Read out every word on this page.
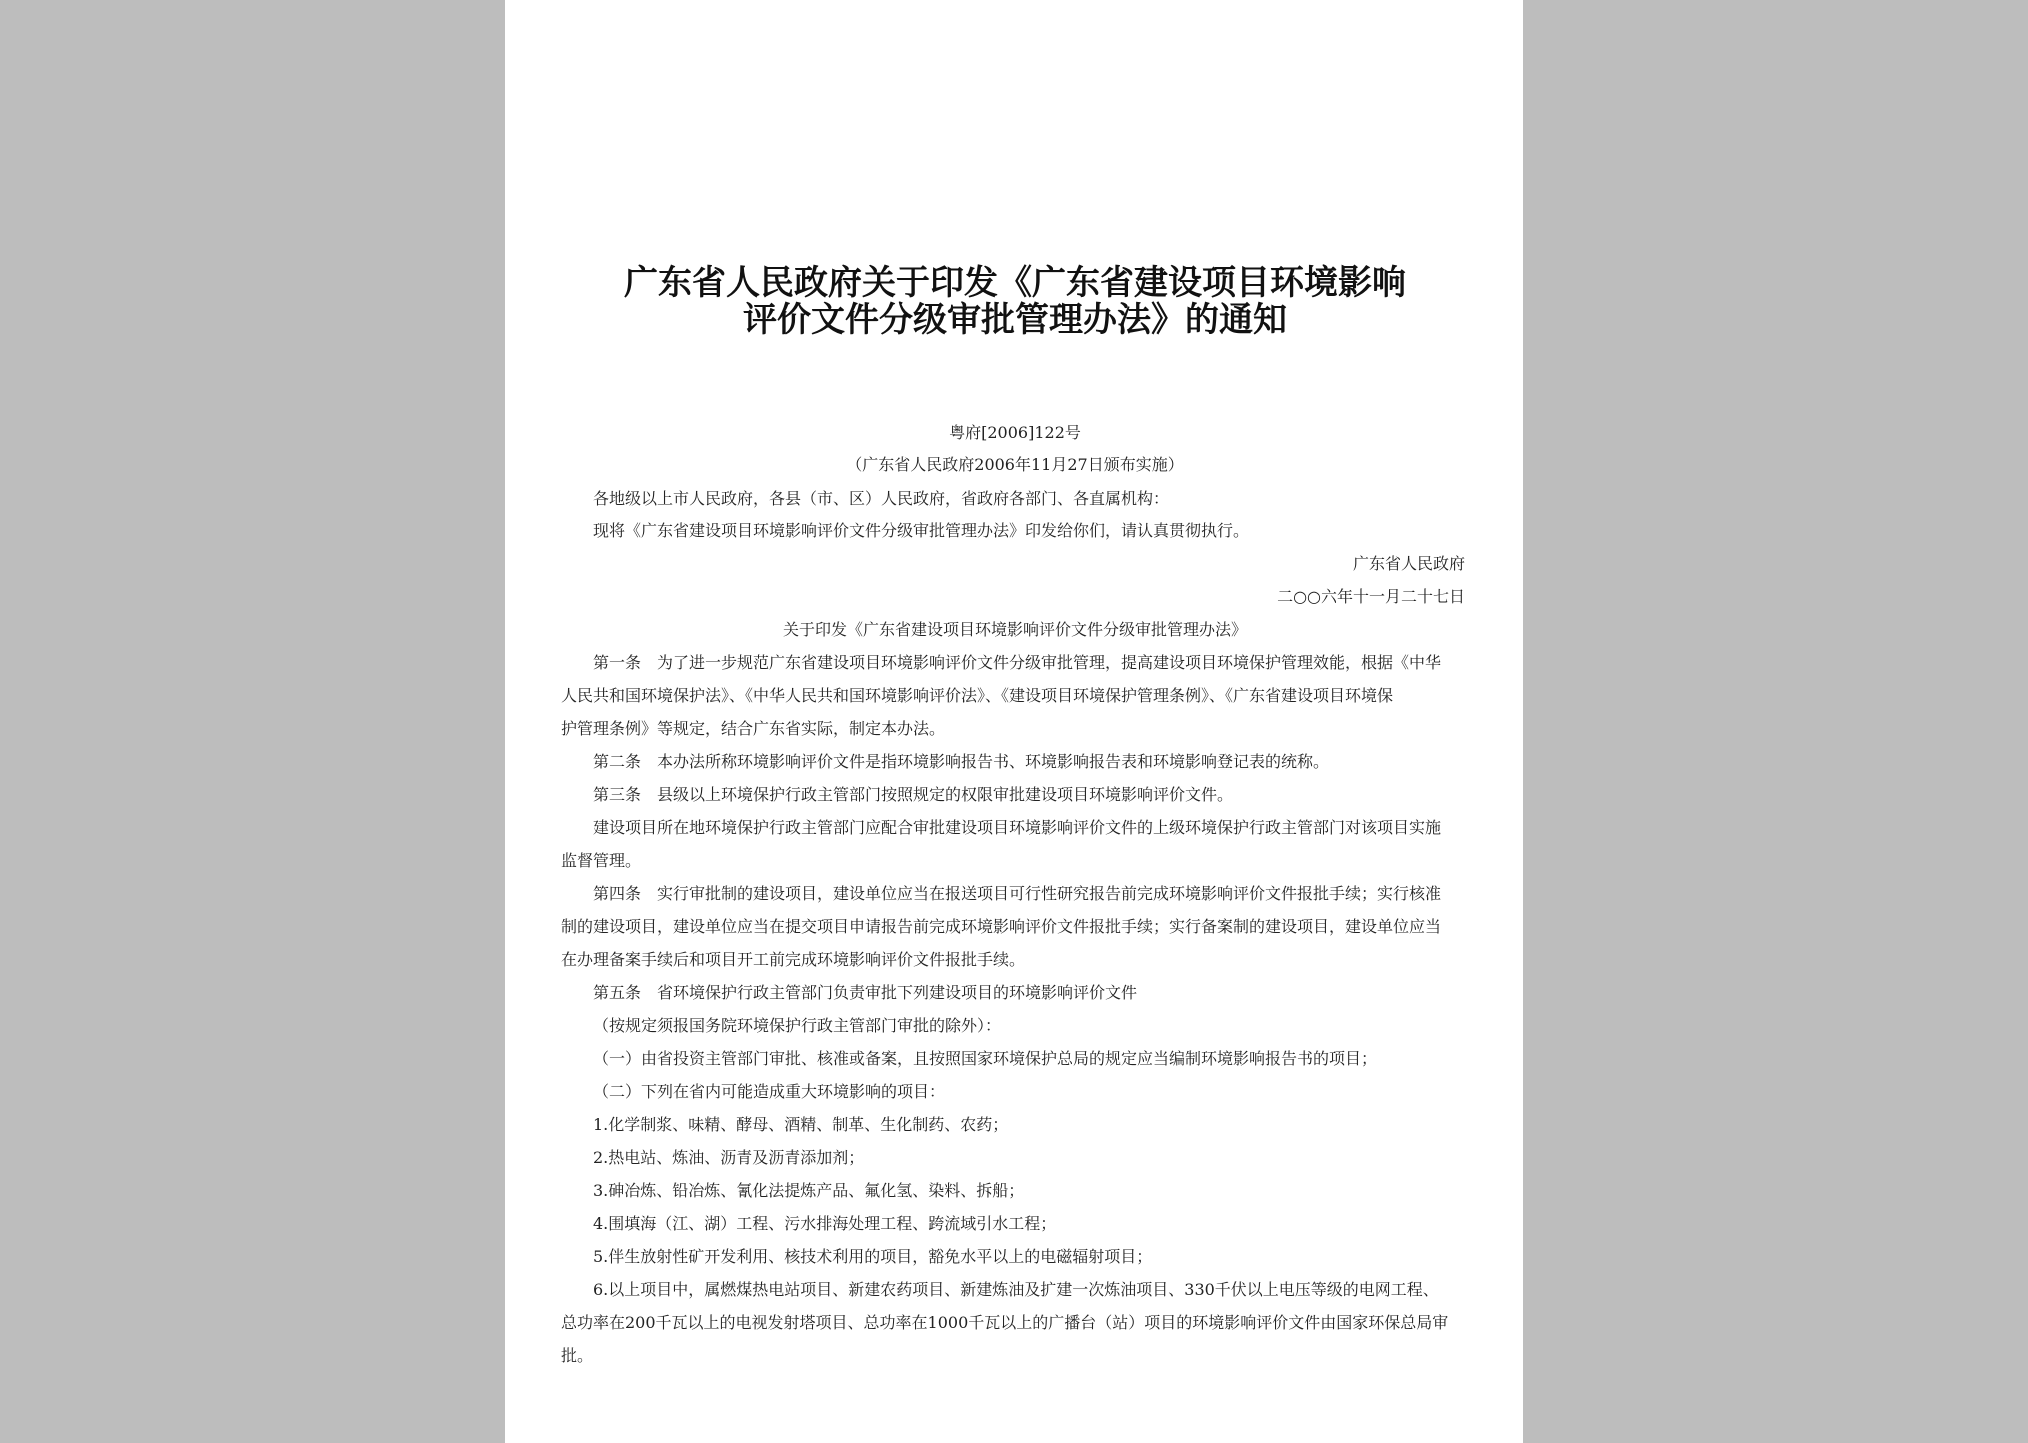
广东省人民政府关于印发《广东省建设项目环境影响
评价文件分级审批管理办法》的通知
粤府[2006]122号
（广东省人民政府2006年11月27日颁布实施）
各地级以上市人民政府，各县（市、区）人民政府，省政府各部门、各直属机构：
现将《广东省建设项目环境影响评价文件分级审批管理办法》印发给你们，请认真贯彻执行。
广东省人民政府
二○○六年十一月二十七日
关于印发《广东省建设项目环境影响评价文件分级审批管理办法》
第一条　为了进一步规范广东省建设项目环境影响评价文件分级审批管理，提高建设项目环境保护管理效能，根据《中华
人民共和国环境保护法》、《中华人民共和国环境影响评价法》、《建设项目环境保护管理条例》、《广东省建设项目环境保
护管理条例》等规定，结合广东省实际，制定本办法。
第二条　本办法所称环境影响评价文件是指环境影响报告书、环境影响报告表和环境影响登记表的统称。
第三条　县级以上环境保护行政主管部门按照规定的权限审批建设项目环境影响评价文件。
建设项目所在地环境保护行政主管部门应配合审批建设项目环境影响评价文件的上级环境保护行政主管部门对该项目实施
监督管理。
第四条　实行审批制的建设项目，建设单位应当在报送项目可行性研究报告前完成环境影响评价文件报批手续；实行核准
制的建设项目，建设单位应当在提交项目申请报告前完成环境影响评价文件报批手续；实行备案制的建设项目，建设单位应当
在办理备案手续后和项目开工前完成环境影响评价文件报批手续。
第五条　省环境保护行政主管部门负责审批下列建设项目的环境影响评价文件
（按规定须报国务院环境保护行政主管部门审批的除外）：
（一）由省投资主管部门审批、核准或备案，且按照国家环境保护总局的规定应当编制环境影响报告书的项目；
（二）下列在省内可能造成重大环境影响的项目：
1.化学制浆、味精、酵母、酒精、制革、生化制药、农药；
2.热电站、炼油、沥青及沥青添加剂；
3.砷冶炼、铅冶炼、氰化法提炼产品、氟化氢、染料、拆船；
4.围填海（江、湖）工程、污水排海处理工程、跨流域引水工程；
5.伴生放射性矿开发利用、核技术利用的项目，豁免水平以上的电磁辐射项目；
6.以上项目中，属燃煤热电站项目、新建农药项目、新建炼油及扩建一次炼油项目、330千伏以上电压等级的电网工程、
总功率在200千瓦以上的电视发射塔项目、总功率在1000千瓦以上的广播台（站）项目的环境影响评价文件由国家环保总局审
批。
